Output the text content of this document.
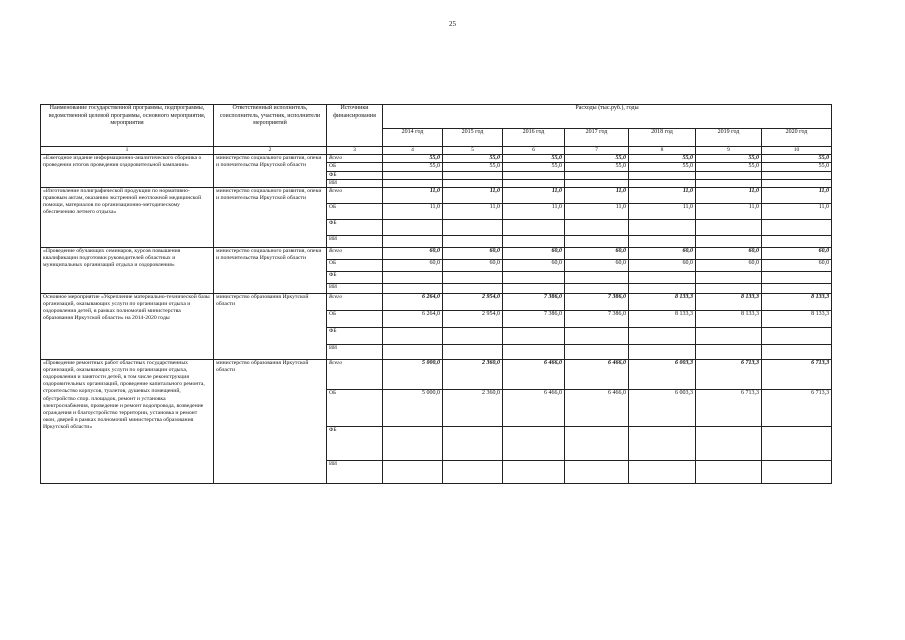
25
Наименование государственной программы, подпрограммы, ведомственной целевой программы, основного мероприятия, мероприятия	Ответственный исполнитель, соисполнитель, участник, исполнители мероприятий	Источники финансирования	Расходы (тыс.руб.), годы						
			2014 год	2015 год	2016 год	2017 год	2018 год	2019 год	2020 год
1	2	3	4	5	6	7	8	9	10
«Ежегодное издание информационно-аналитического сборника о проведении итогов проведения оздоровительной кампании»	министерство социального развития, опеки и попечительства Иркутской области	Всего	55,0	55,0	55,0	55,0	55,0	55,0	55,0
		ОБ	55,0	55,0	55,0	55,0	55,0	55,0	55,0
		ФБ							
		ИИ							
«Изготовление полиграфической продукции по нормативно-правовым актам, оказанию экстренной неотложной медицинской помощи, материалов по организационно-методическому обеспечению летнего отдыха»	министерство социального развития, опеки и попечительства Иркутской области	Всего	11,0	11,0	11,0	11,0	11,0	11,0	11,0
		ОБ	11,0	11,0	11,0	11,0	11,0	11,0	11,0
		ФБ							
		ИИ							
«Проведение обучающих семинаров, курсов повышения квалификации подготовки руководителей областных и муниципальных организаций отдыха и оздоровления»	министерство социального развития, опеки и попечительства Иркутской области	Всего	60,0	60,0	60,0	60,0	60,0	60,0	60,0
		ОБ	60,0	60,0	60,0	60,0	60,0	60,0	60,0
		ФБ							
		ИИ							
Основное мероприятие «Укрепление материально-технической базы организаций, оказывающих услуги по организации отдыха и оздоровления детей, в рамках полномочий министерства образования Иркутской области» на 2014-2020 годы	министерство образования Иркутской области	Всего	6 264,0	2 954,0	7 386,0	7 386,0	8 133,3	8 133,3	8 133,3
		ОБ	6 264,0	2 954,0	7 386,0	7 386,0	8 133,3	8 133,3	8 133,3
		ФБ							
		ИИ							
«Проведение ремонтных работ областных государственных организаций, оказывающих услуги по организации отдыха, оздоровления и занятости детей, в том числе реконструкция оздоровительных организаций, проведение капитального ремонта, строительство корпусов, туалетов, душевых помещений, обустройство спор. площадок, ремонт и установка электроснабжения, проведение и ремонт водопровода, возведение ограждения и благоустройство территории, установка и ремонт окон, дверей в рамках полномочий министерства образования Иркутской области»	министерство образования Иркутской области	Всего	5 000,0	2 360,0	6 466,0	6 466,0	6 003,3	6 713,3	6 713,3
		ОБ	5 000,0	2 360,0	6 466,0	6 466,0	6 003,3	6 713,3	6 713,3
		ФБ							
		ИИ							
